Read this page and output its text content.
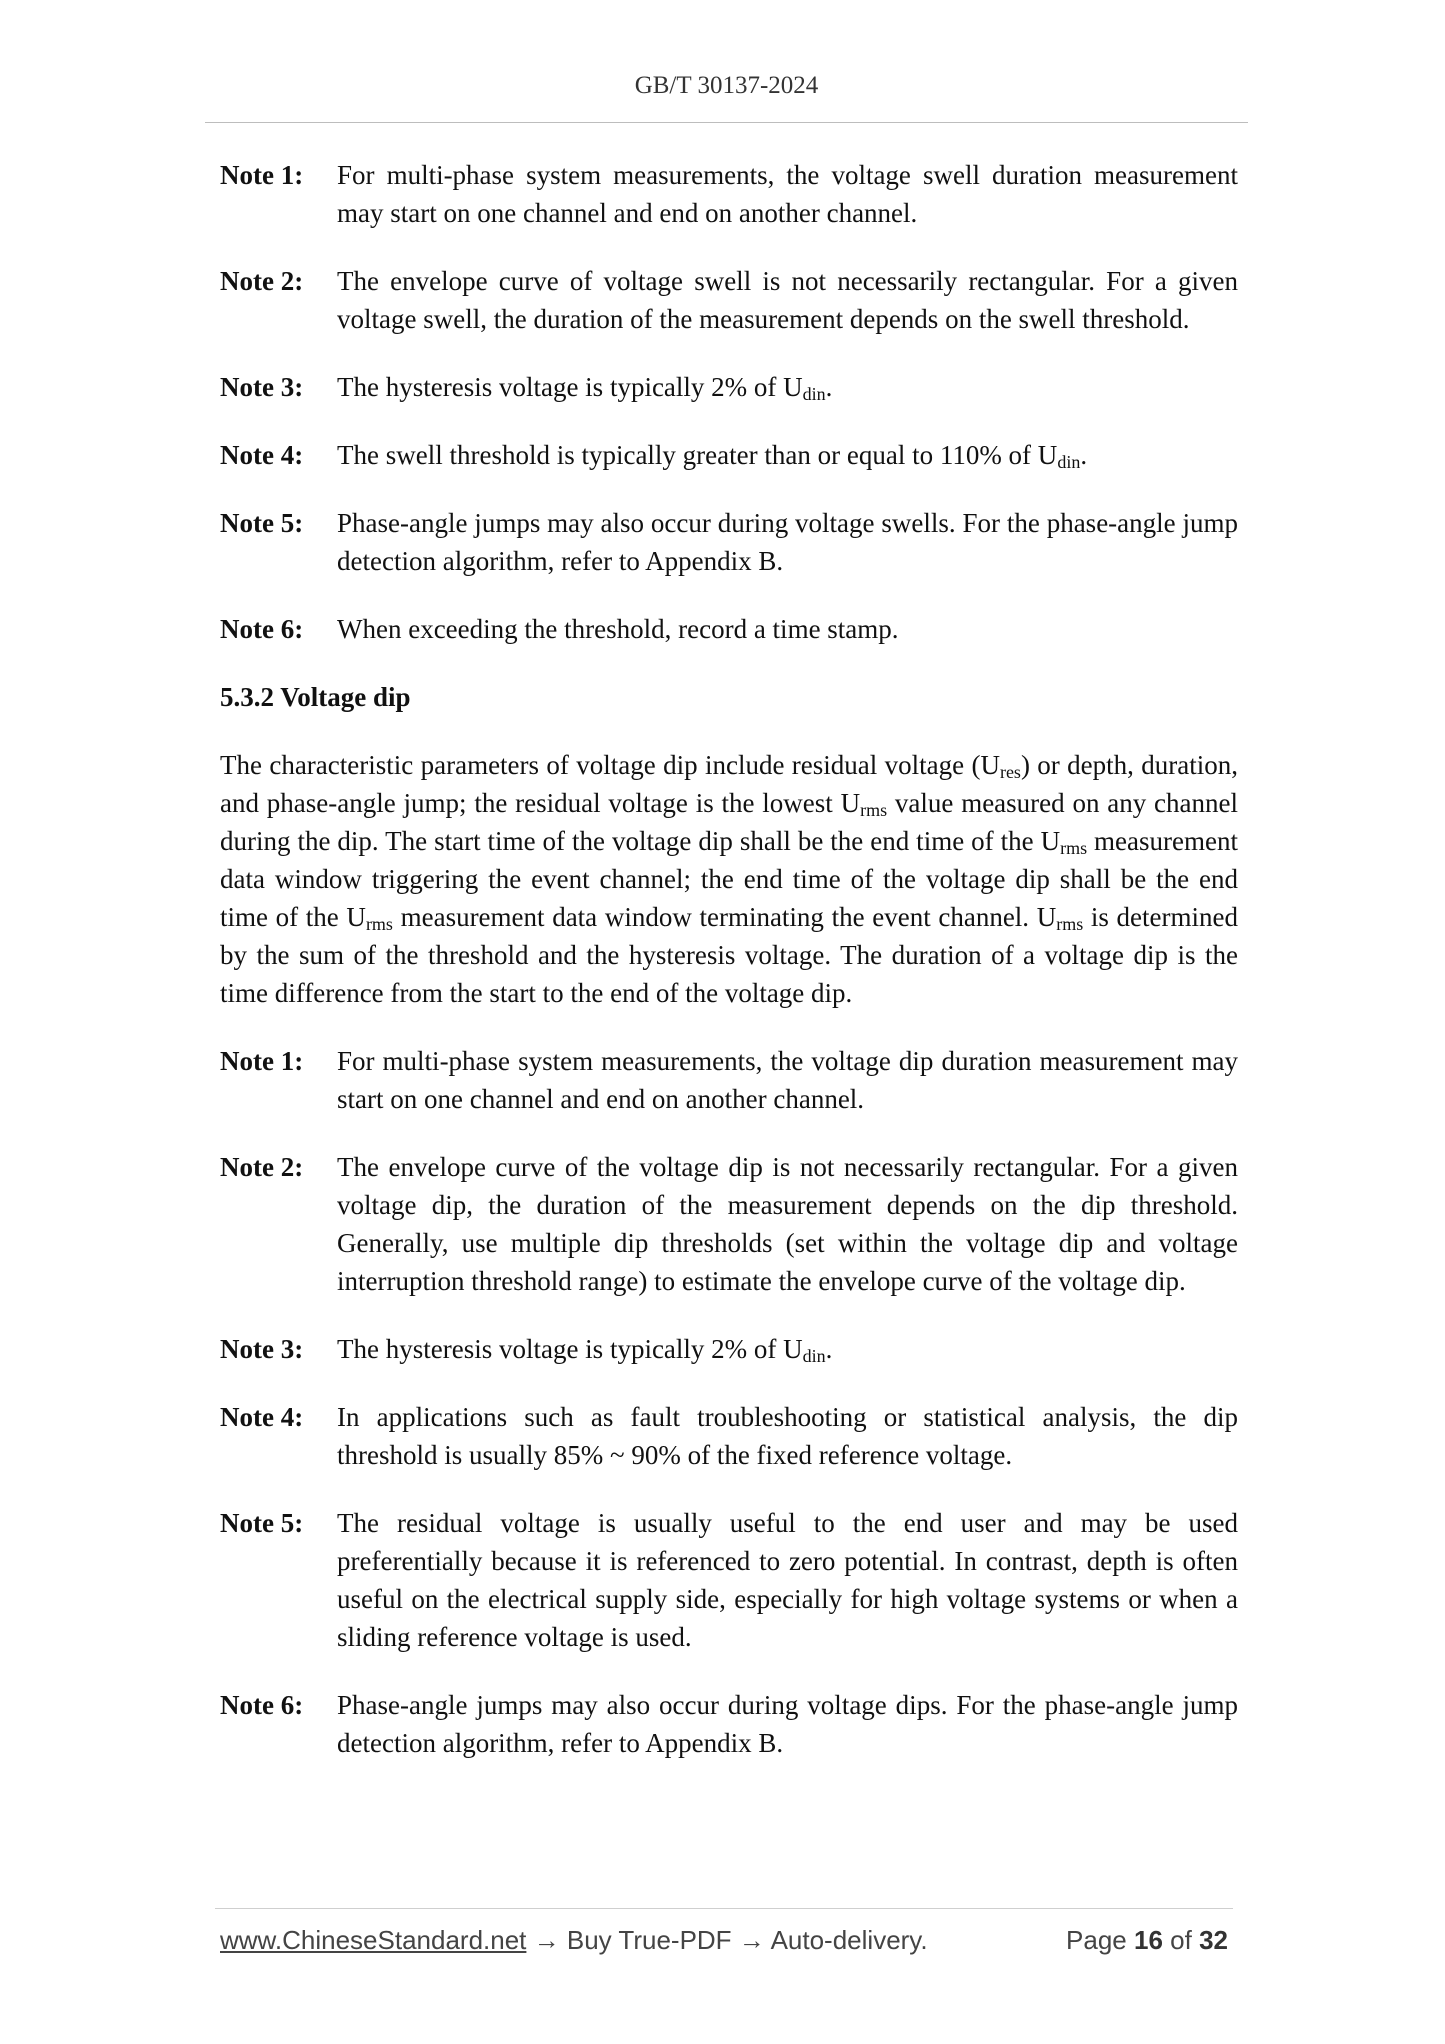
GB/T 30137-2024
Note 1:	For multi-phase system measurements, the voltage swell duration measurement may start on one channel and end on another channel.
Note 2:	The envelope curve of voltage swell is not necessarily rectangular. For a given voltage swell, the duration of the measurement depends on the swell threshold.
Note 3:	The hysteresis voltage is typically 2% of $U_{din}$.
Note 4:	The swell threshold is typically greater than or equal to 110% of $U_{din}$.
Note 5:	Phase-angle jumps may also occur during voltage swells. For the phase-angle jump detection algorithm, refer to Appendix B.
Note 6:	When exceeding the threshold, record a time stamp.
5.3.2 Voltage dip
The characteristic parameters of voltage dip include residual voltage $(U_{res})$ or depth, duration, and phase-angle jump; the residual voltage is the lowest $U_{rms}$ value measured on any channel during the dip. The start time of the voltage dip shall be the end time of the $U_{rms}$ measurement data window triggering the event channel; the end time of the voltage dip shall be the end time of the $U_{rms}$ measurement data window terminating the event channel. $U_{rms}$ is determined by the sum of the threshold and the hysteresis voltage. The duration of a voltage dip is the time difference from the start to the end of the voltage dip.
Note 1:	For multi-phase system measurements, the voltage dip duration measurement may start on one channel and end on another channel.
Note 2:	The envelope curve of the voltage dip is not necessarily rectangular. For a given voltage dip, the duration of the measurement depends on the dip threshold. Generally, use multiple dip thresholds (set within the voltage dip and voltage interruption threshold range) to estimate the envelope curve of the voltage dip.
Note 3:	The hysteresis voltage is typically 2% of $U_{din}$.
Note 4:	In applications such as fault troubleshooting or statistical analysis, the dip threshold is usually 85% ~ 90% of the fixed reference voltage.
Note 5:	The residual voltage is usually useful to the end user and may be used preferentially because it is referenced to zero potential. In contrast, depth is often useful on the electrical supply side, especially for high voltage systems or when a sliding reference voltage is used.
Note 6:	Phase-angle jumps may also occur during voltage dips. For the phase-angle jump detection algorithm, refer to Appendix B.
www.ChineseStandard.net → Buy True-PDF → Auto-delivery.	Page 16 of 32
